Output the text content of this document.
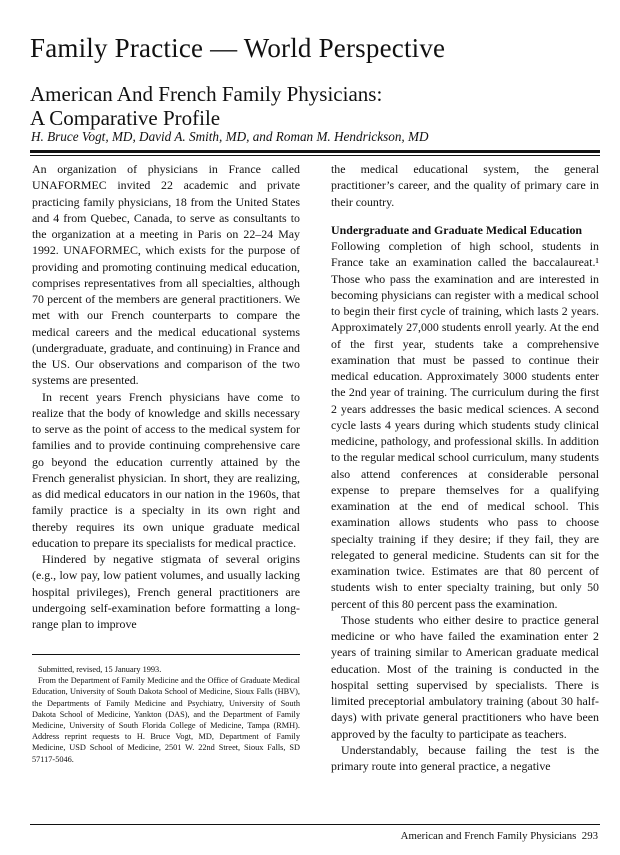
Family Practice — World Perspective
American And French Family Physicians:
A Comparative Profile

H. Bruce Vogt, MD, David A. Smith, MD, and Roman M. Hendrickson, MD

An organization of physicians in France called UNAFORMEC invited 22 academic and private practicing family physicians, 18 from the United States and 4 from Quebec, Canada, to serve as consultants to the organization at a meeting in Paris on 22–24 May 1992. UNAFORMEC, which exists for the purpose of providing and promoting continuing medical education, comprises representatives from all specialties, although 70 percent of the members are general practitioners. We met with our French counterparts to compare the medical careers and the medical educational systems (undergraduate, graduate, and continuing) in France and the US. Our observations and comparison of the two systems are presented.

In recent years French physicians have come to realize that the body of knowledge and skills necessary to serve as the point of access to the medical system for families and to provide continuing comprehensive care go beyond the education currently attained by the French generalist physician. In short, they are realizing, as did medical educators in our nation in the 1960s, that family practice is a specialty in its own right and thereby requires its own unique graduate medical education to prepare its specialists for medical practice.

Hindered by negative stigmata of several origins (e.g., low pay, low patient volumes, and usually lacking hospital privileges), French general practitioners are undergoing self-examination before formatting a long-range plan to improve

Submitted, revised, 15 January 1993.

From the Department of Family Medicine and the Office of Graduate Medical Education, University of South Dakota School of Medicine, Sioux Falls (HBV), the Departments of Family Medicine and Psychiatry, University of South Dakota School of Medicine, Yankton (DAS), and the Department of Family Medicine, University of South Florida College of Medicine, Tampa (RMH). Address reprint requests to H. Bruce Vogt, MD, Department of Family Medicine, USD School of Medicine, 2501 W. 22nd Street, Sioux Falls, SD 57117-5046.

the medical educational system, the general practitioner’s career, and the quality of primary care in their country.

Undergraduate and Graduate Medical Education

Following completion of high school, students in France take an examination called the baccalaureat.¹ Those who pass the examination and are interested in becoming physicians can register with a medical school to begin their first cycle of training, which lasts 2 years. Approximately 27,000 students enroll yearly. At the end of the first year, students take a comprehensive examination that must be passed to continue their medical education. Approximately 3000 students enter the 2nd year of training. The curriculum during the first 2 years addresses the basic medical sciences. A second cycle lasts 4 years during which students study clinical medicine, pathology, and professional skills. In addition to the regular medical school curriculum, many students also attend conferences at considerable personal expense to prepare themselves for a qualifying examination at the end of medical school. This examination allows students who pass to choose specialty training if they desire; if they fail, they are relegated to general medicine. Students can sit for the examination twice. Estimates are that 80 percent of students wish to enter specialty training, but only 50 percent of this 80 percent pass the examination.

Those students who either desire to practice general medicine or who have failed the examination enter 2 years of training similar to American graduate medical education. Most of the training is conducted in the hospital setting supervised by specialists. There is limited preceptorial ambulatory training (about 30 half-days) with private general practitioners who have been approved by the faculty to participate as teachers.

Understandably, because failing the test is the primary route into general practice, a negative

American and French Family Physicians 293
